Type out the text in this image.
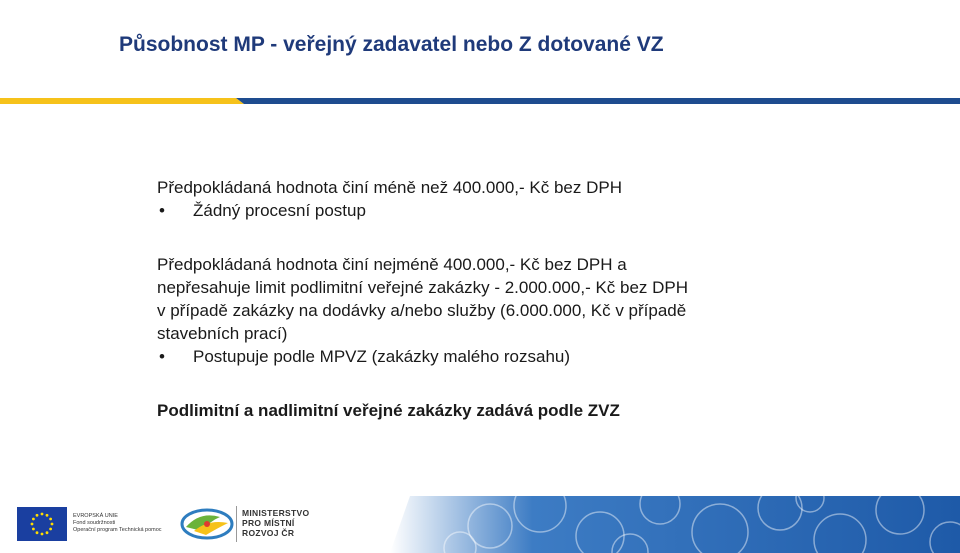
Působnost MP - veřejný zadavatel nebo Z dotované VZ

Předpokládaná hodnota činí méně než 400.000,- Kč bez DPH

•	Žádný procesní postup

Předpokládaná hodnota činí nejméně 400.000,- Kč bez DPH a

nepřesahuje limit podlimitní veřejné zakázky - 2.000.000,- Kč bez DPH

v případě zakázky na dodávky a/nebo služby (6.000.000, Kč v případě

stavebních prací)

•	Postupuje podle MPVZ (zakázky malého rozsahu)

Podlimitní a nadlimitní veřejné zakázky zadává podle ZVZ

EVROPSKÁ UNIE
Fond soudržnosti
Operační program Technická pomoc
MINISTERSTVO
PRO MÍSTNÍ
ROZVOJ ČR
